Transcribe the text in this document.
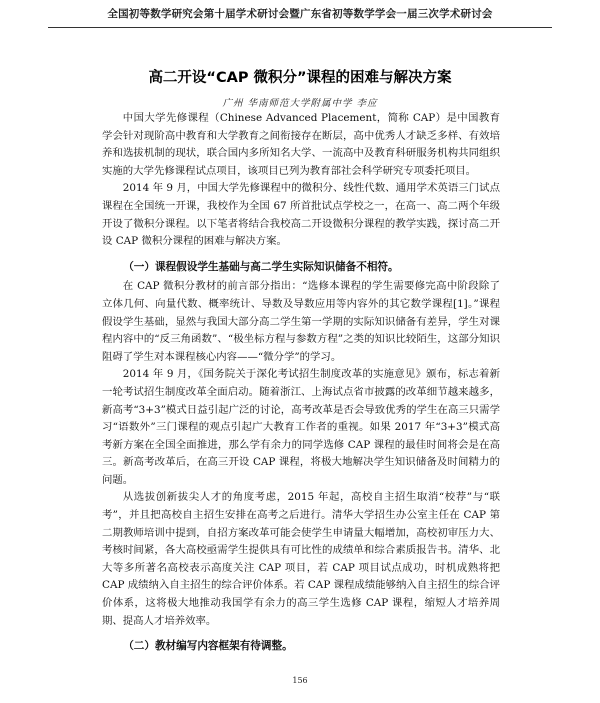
全国初等数学研究会第十届学术研讨会暨广东省初等数学学会一届三次学术研讨会
高二开设“CAP 微积分”课程的困难与解决方案
广州 华南师范大学附属中学 李应

中国大学先修课程（Chinese Advanced Placement，简称 CAP）是中国教育学会针对现阶高中教育和大学教育之间衔接存在断层，高中优秀人才缺乏多样、有效培养和选拔机制的现状，联合国内多所知名大学、一流高中及教育科研服务机构共同组织实施的大学先修课程试点项目，该项目已列为教育部社会科学研究专项委托项目。

2014 年 9 月，中国大学先修课程中的微积分、线性代数、通用学术英语三门试点课程在全国统一开课，我校作为全国 67 所首批试点学校之一，在高一、高二两个年级开设了微积分课程。以下笔者将结合我校高二开设微积分课程的教学实践，探讨高二开设 CAP 微积分课程的困难与解决方案。

（一）课程假设学生基础与高二学生实际知识储备不相符。

在 CAP 微积分教材的前言部分指出：“选修本课程的学生需要修完高中阶段除了立体几何、向量代数、概率统计、导数及导数应用等内容外的其它数学课程[1]。”课程假设学生基础，显然与我国大部分高二学生第一学期的实际知识储备有差异，学生对课程内容中的“反三角函数”、“极坐标方程与参数方程”之类的知识比较陌生，这部分知识阻碍了学生对本课程核心内容——“微分学”的学习。

2014 年 9 月，《国务院关于深化考试招生制度改革的实施意见》颁布，标志着新一轮考试招生制度改革全面启动。随着浙江、上海试点省市披露的改革细节越来越多，新高考“3+3”模式日益引起广泛的讨论，高考改革是否会导致优秀的学生在高三只需学习“语数外”三门课程的观点引起广大教育工作者的重视。如果 2017 年“3+3”模式高考新方案在全国全面推进，那么学有余力的同学选修 CAP 课程的最佳时间将会是在高三。新高考改革后，在高三开设 CAP 课程，将极大地解决学生知识储备及时间精力的问题。

从选拔创新拔尖人才的角度考虑，2015 年起，高校自主招生取消“校荐”与“联考”，并且把高校自主招生安排在高考之后进行。清华大学招生办公室主任在 CAP 第二期教师培训中提到，自招方案改革可能会使学生申请量大幅增加，高校初审压力大、考核时间紧，各大高校亟需学生提供具有可比性的成绩单和综合素质报告书。清华、北大等多所著名高校表示高度关注 CAP 项目，若 CAP 项目试点成功，时机成熟将把 CAP 成绩纳入自主招生的综合评价体系。若 CAP 课程成绩能够纳入自主招生的综合评价体系，这将极大地推动我国学有余力的高三学生选修 CAP 课程，缩短人才培养周期、提高人才培养效率。

（二）教材编写内容框架有待调整。
156
